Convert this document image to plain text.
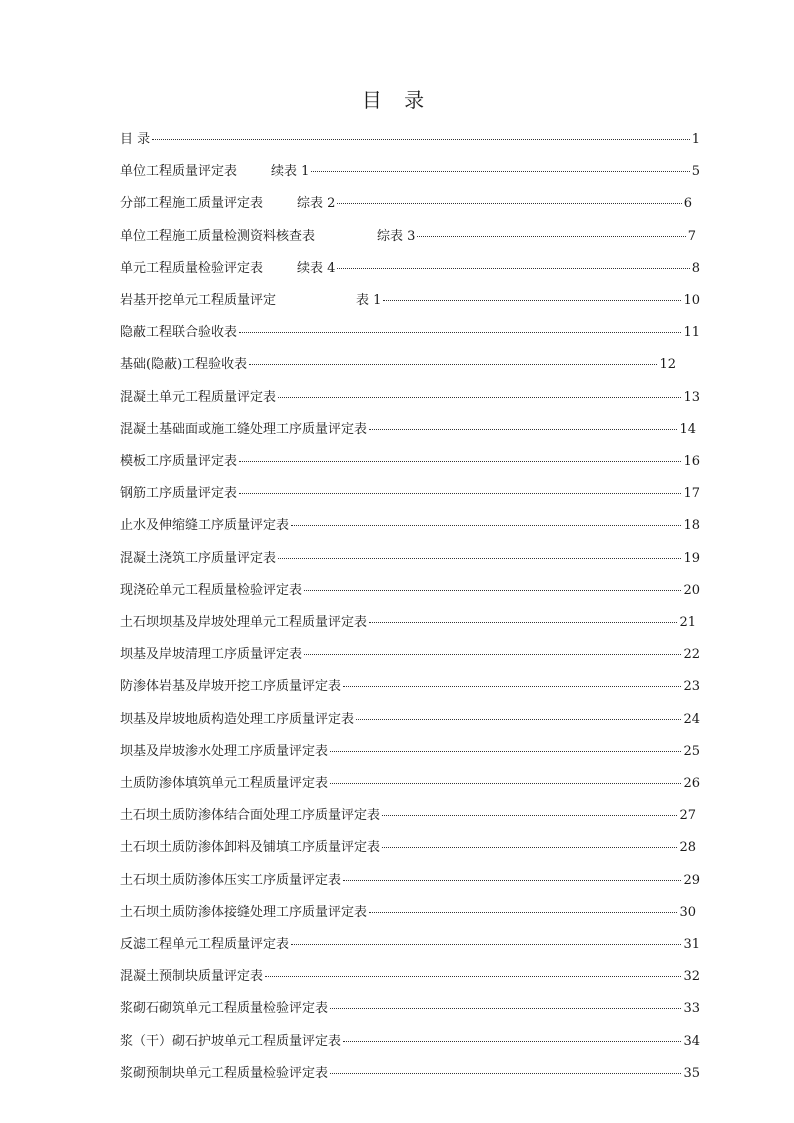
目 录
目 录	1
单位工程质量评定表	续表 1	5
分部工程施工质量评定表	综表 2	6
单位工程施工质量检测资料核查表	综表 3	7
单元工程质量检验评定表	续表 4	8
岩基开挖单元工程质量评定	表 1	10
隐蔽工程联合验收表	11
基础(隐蔽)工程验收表	12
混凝土单元工程质量评定表	13
混凝土基础面或施工缝处理工序质量评定表	14
模板工序质量评定表	16
钢筋工序质量评定表	17
止水及伸缩缝工序质量评定表	18
混凝土浇筑工序质量评定表	19
现浇砼单元工程质量检验评定表	20
土石坝坝基及岸坡处理单元工程质量评定表	21
坝基及岸坡清理工序质量评定表	22
防渗体岩基及岸坡开挖工序质量评定表	23
坝基及岸坡地质构造处理工序质量评定表	24
坝基及岸坡渗水处理工序质量评定表	25
土质防渗体填筑单元工程质量评定表	26
土石坝土质防渗体结合面处理工序质量评定表	27
土石坝土质防渗体卸料及铺填工序质量评定表	28
土石坝土质防渗体压实工序质量评定表	29
土石坝土质防渗体接缝处理工序质量评定表	30
反滤工程单元工程质量评定表	31
混凝土预制块质量评定表	32
浆砌石砌筑单元工程质量检验评定表	33
浆（干）砌石护坡单元工程质量评定表	34
浆砌预制块单元工程质量检验评定表	35
